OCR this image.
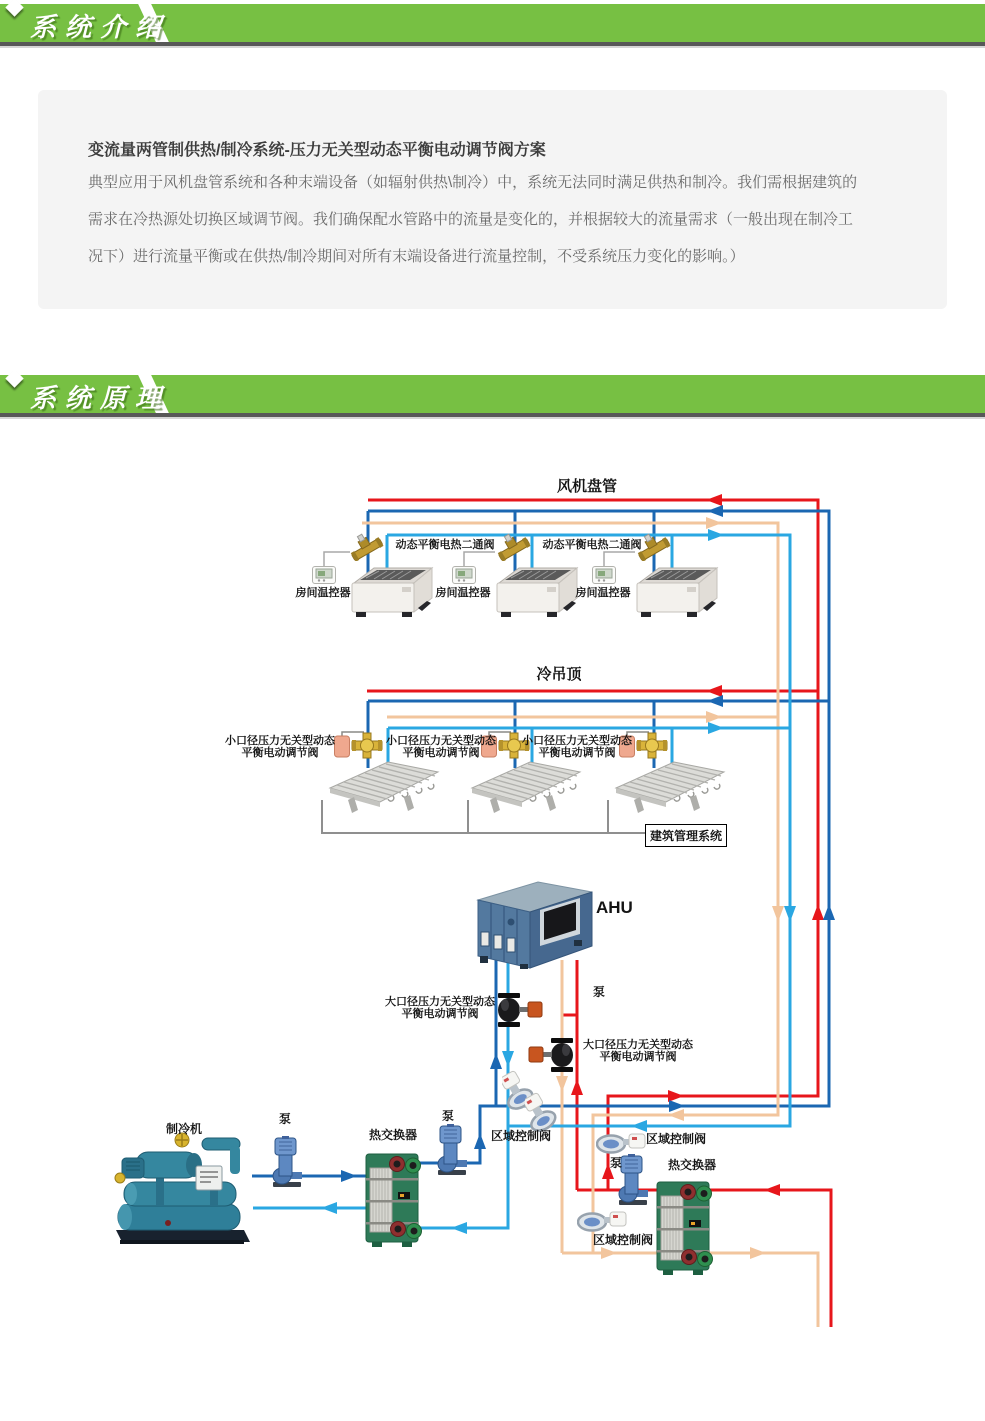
系统介绍
变流量两管制供热/制冷系统-压力无关型动态平衡电动调节阀方案
典型应用于风机盘管系统和各种末端设备（如辐射供热\制冷）中，系统无法同时满足供热和制冷。我们需根据建筑的需求在冷热源处切换区域调节阀。我们确保配水管路中的流量是变化的，并根据较大的流量需求（一般出现在制冷工况下）进行流量平衡或在供热/制冷期间对所有末端设备进行流量控制，不受系统压力变化的影响。）
系统原理
风机盘管
动态平衡电热二通阀	动态平衡电热二通阀
房间温控器	房间温控器	房间温控器
冷吊顶
小口径压力无关型动态
平衡电动调节阀
小口径压力无关型动态
平衡电动调节阀
小口径压力无关型动态
平衡电动调节阀
建筑管理系统
AHU
泵
大口径压力无关型动态
平衡电动调节阀
大口径压力无关型动态
平衡电动调节阀
区域控制阀	区域控制阀
区域控制阀
制冷机
泵	泵
泵
热交换器
热交换器
